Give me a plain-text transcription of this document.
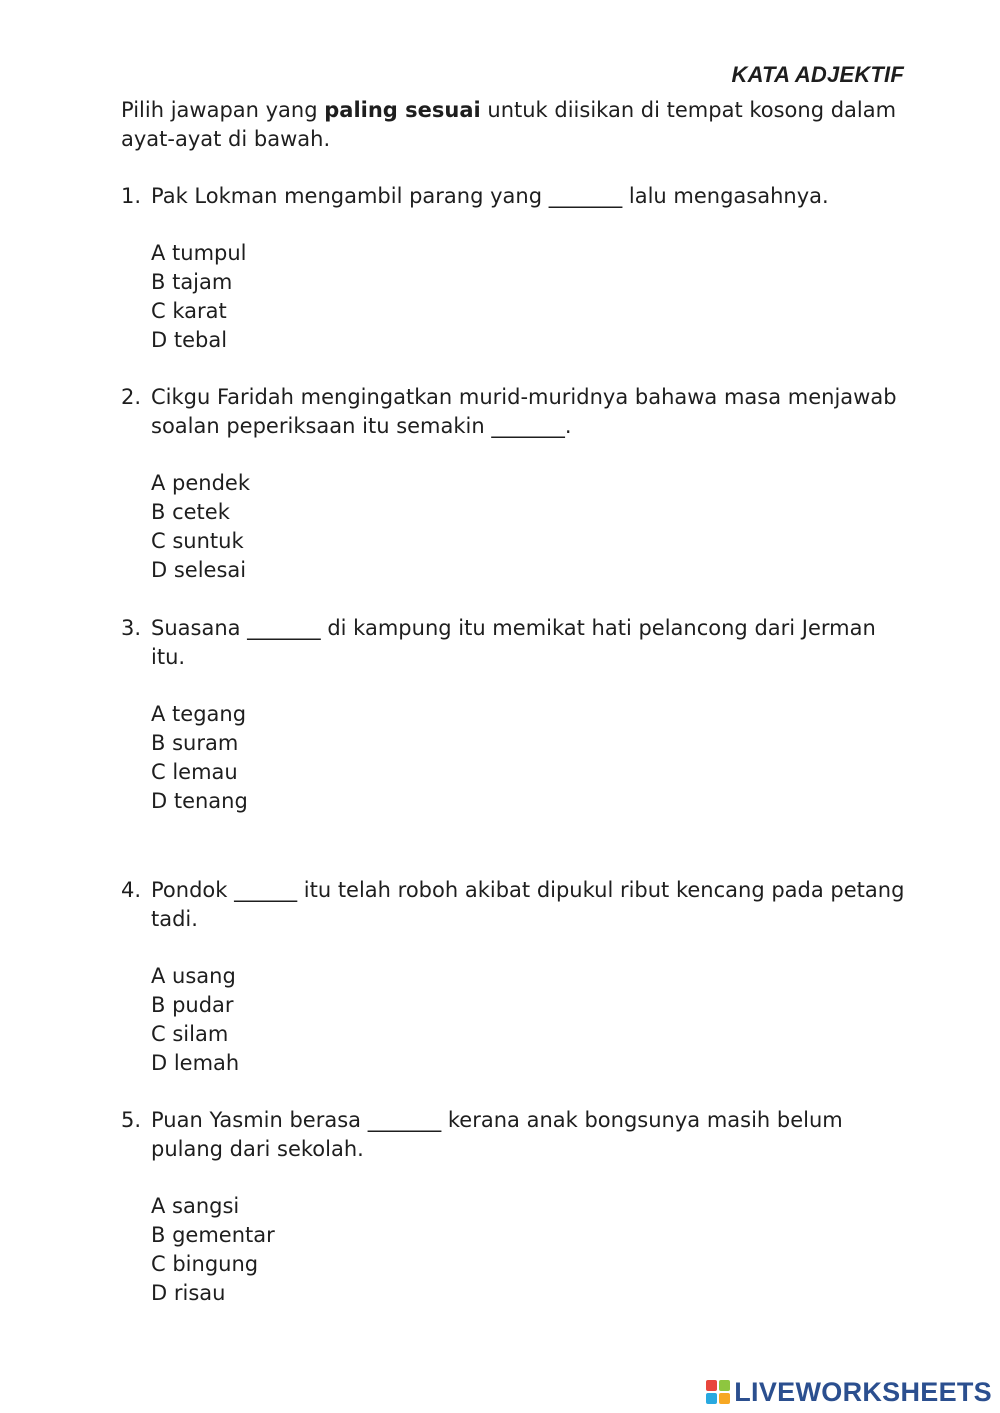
KATA ADJEKTIF
Pilih jawapan yang paling sesuai untuk diisikan di tempat kosong dalam ayat-ayat di bawah.
1. Pak Lokman mengambil parang yang _______ lalu mengasahnya.
A tumpul
B tajam
C karat
D tebal
2. Cikgu Faridah mengingatkan murid-muridnya bahawa masa menjawab soalan peperiksaan itu semakin _______.
A pendek
B cetek
C suntuk
D selesai
3. Suasana _______ di kampung itu memikat hati pelancong dari Jerman itu.
A tegang
B suram
C lemau
D tenang
4. Pondok ______ itu telah roboh akibat dipukul ribut kencang pada petang tadi.
A usang
B pudar
C silam
D lemah
5. Puan Yasmin berasa _______ kerana anak bongsunya masih belum pulang dari sekolah.
A sangsi
B gementar
C bingung
D risau
LIVEWORKSHEETS
